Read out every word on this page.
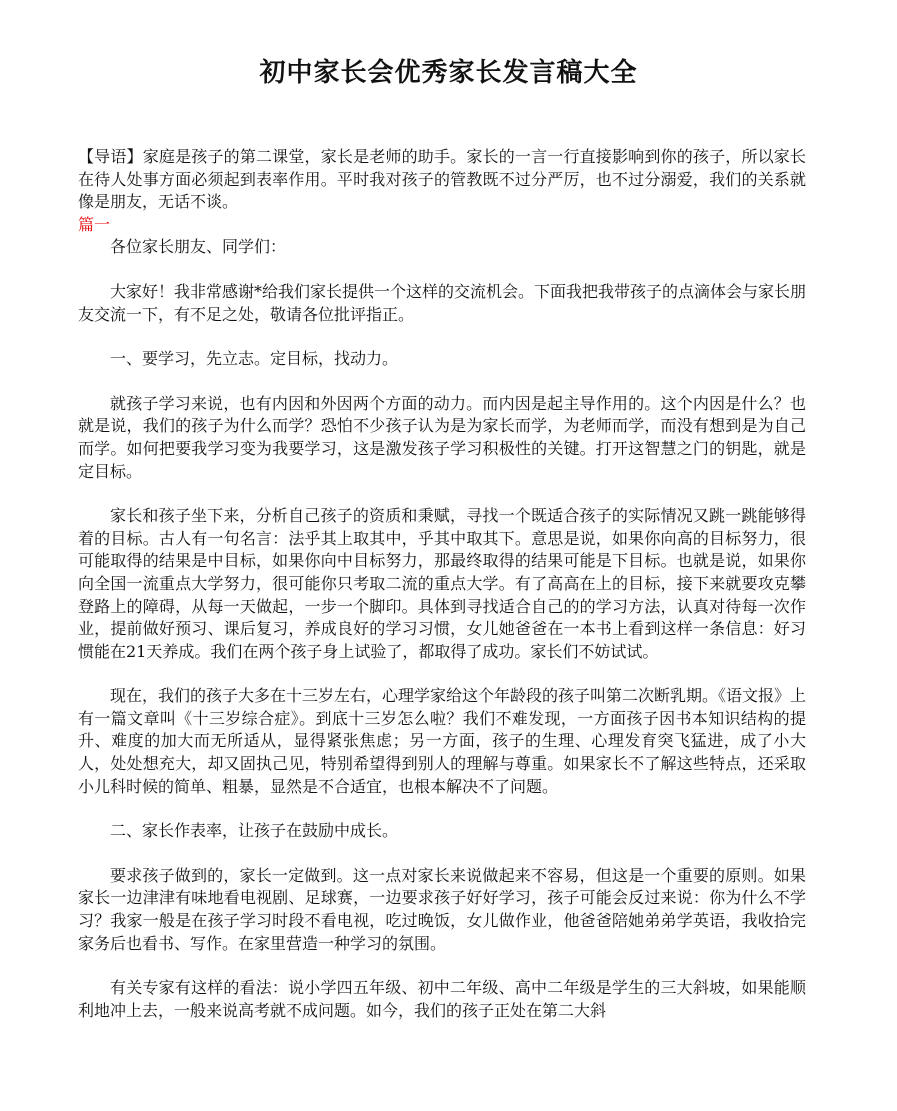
初中家长会优秀家长发言稿大全

【导语】家庭是孩子的第二课堂，家长是老师的助手。家长的一言一行直接影响到你的孩子，所以家长在待人处事方面必须起到表率作用。平时我对孩子的管教既不过分严厉，也不过分溺爱，我们的关系就像是朋友，无话不谈。

篇一

各位家长朋友、同学们：

大家好！我非常感谢*给我们家长提供一个这样的交流机会。下面我把我带孩子的点滴体会与家长朋友交流一下，有不足之处，敬请各位批评指正。

一、要学习，先立志。定目标，找动力。

就孩子学习来说，也有内因和外因两个方面的动力。而内因是起主导作用的。这个内因是什么？也就是说，我们的孩子为什么而学？恐怕不少孩子认为是为家长而学，为老师而学，而没有想到是为自己而学。如何把要我学习变为我要学习，这是激发孩子学习积极性的关键。打开这智慧之门的钥匙，就是定目标。

家长和孩子坐下来，分析自己孩子的资质和秉赋，寻找一个既适合孩子的实际情况又跳一跳能够得着的目标。古人有一句名言：法乎其上取其中，乎其中取其下。意思是说，如果你向高的目标努力，很可能取得的结果是中目标，如果你向中目标努力，那最终取得的结果可能是下目标。也就是说，如果你向全国一流重点大学努力，很可能你只考取二流的重点大学。有了高高在上的目标，接下来就要攻克攀登路上的障碍，从每一天做起，一步一个脚印。具体到寻找适合自己的的学习方法，认真对待每一次作业，提前做好预习、课后复习，养成良好的学习习惯，女儿她爸爸在一本书上看到这样一条信息：好习惯能在21天养成。我们在两个孩子身上试验了，都取得了成功。家长们不妨试试。

现在，我们的孩子大多在十三岁左右，心理学家给这个年龄段的孩子叫第二次断乳期。《语文报》上有一篇文章叫《十三岁综合症》。到底十三岁怎么啦？我们不难发现，一方面孩子因书本知识结构的提升、难度的加大而无所适从，显得紧张焦虑；另一方面，孩子的生理、心理发育突飞猛进，成了小大人，处处想充大，却又固执己见，特别希望得到别人的理解与尊重。如果家长不了解这些特点，还采取小儿科时候的简单、粗暴，显然是不合适宜，也根本解决不了问题。

二、家长作表率，让孩子在鼓励中成长。

要求孩子做到的，家长一定做到。这一点对家长来说做起来不容易，但这是一个重要的原则。如果家长一边津津有味地看电视剧、足球赛，一边要求孩子好好学习，孩子可能会反过来说：你为什么不学习？我家一般是在孩子学习时段不看电视，吃过晚饭，女儿做作业，他爸爸陪她弟弟学英语，我收拾完家务后也看书、写作。在家里营造一种学习的氛围。

有关专家有这样的看法：说小学四五年级、初中二年级、高中二年级是学生的三大斜坡，如果能顺利地冲上去，一般来说高考就不成问题。如今，我们的孩子正处在第二大斜
